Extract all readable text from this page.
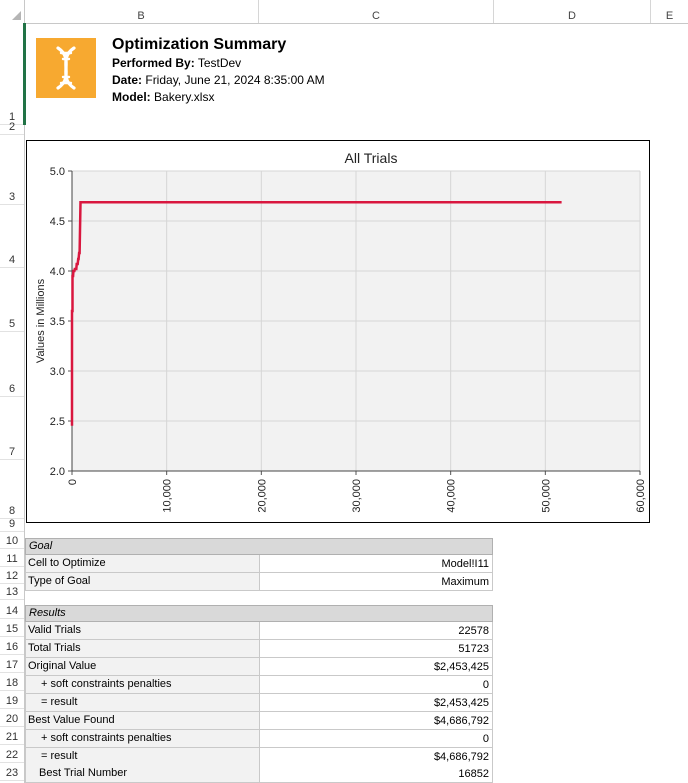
B	C	D	E
1
2
3
4
5
6
7
8
9
10
11
12
13
14
15
16
17
18
19
20
21
22
23
Optimization Summary
Performed By: TestDev
Date: Friday, June 21, 2024 8:35:00 AM
Model: Bakery.xlsx
All Trials
2.0
2.5
3.0
3.5
4.0
4.5
5.0
0	10,000	20,000	30,000	40,000	50,000	60,000
Values in Millions
Goal
Cell to Optimize	Model!I11
Type of Goal	Maximum
Results
Valid Trials	22578
Total Trials	51723
Original Value	$2,453,425
+ soft constraints penalties	0
= result	$2,453,425
Best Value Found	$4,686,792
+ soft constraints penalties	0
= result	$4,686,792
Best Trial Number	16852
